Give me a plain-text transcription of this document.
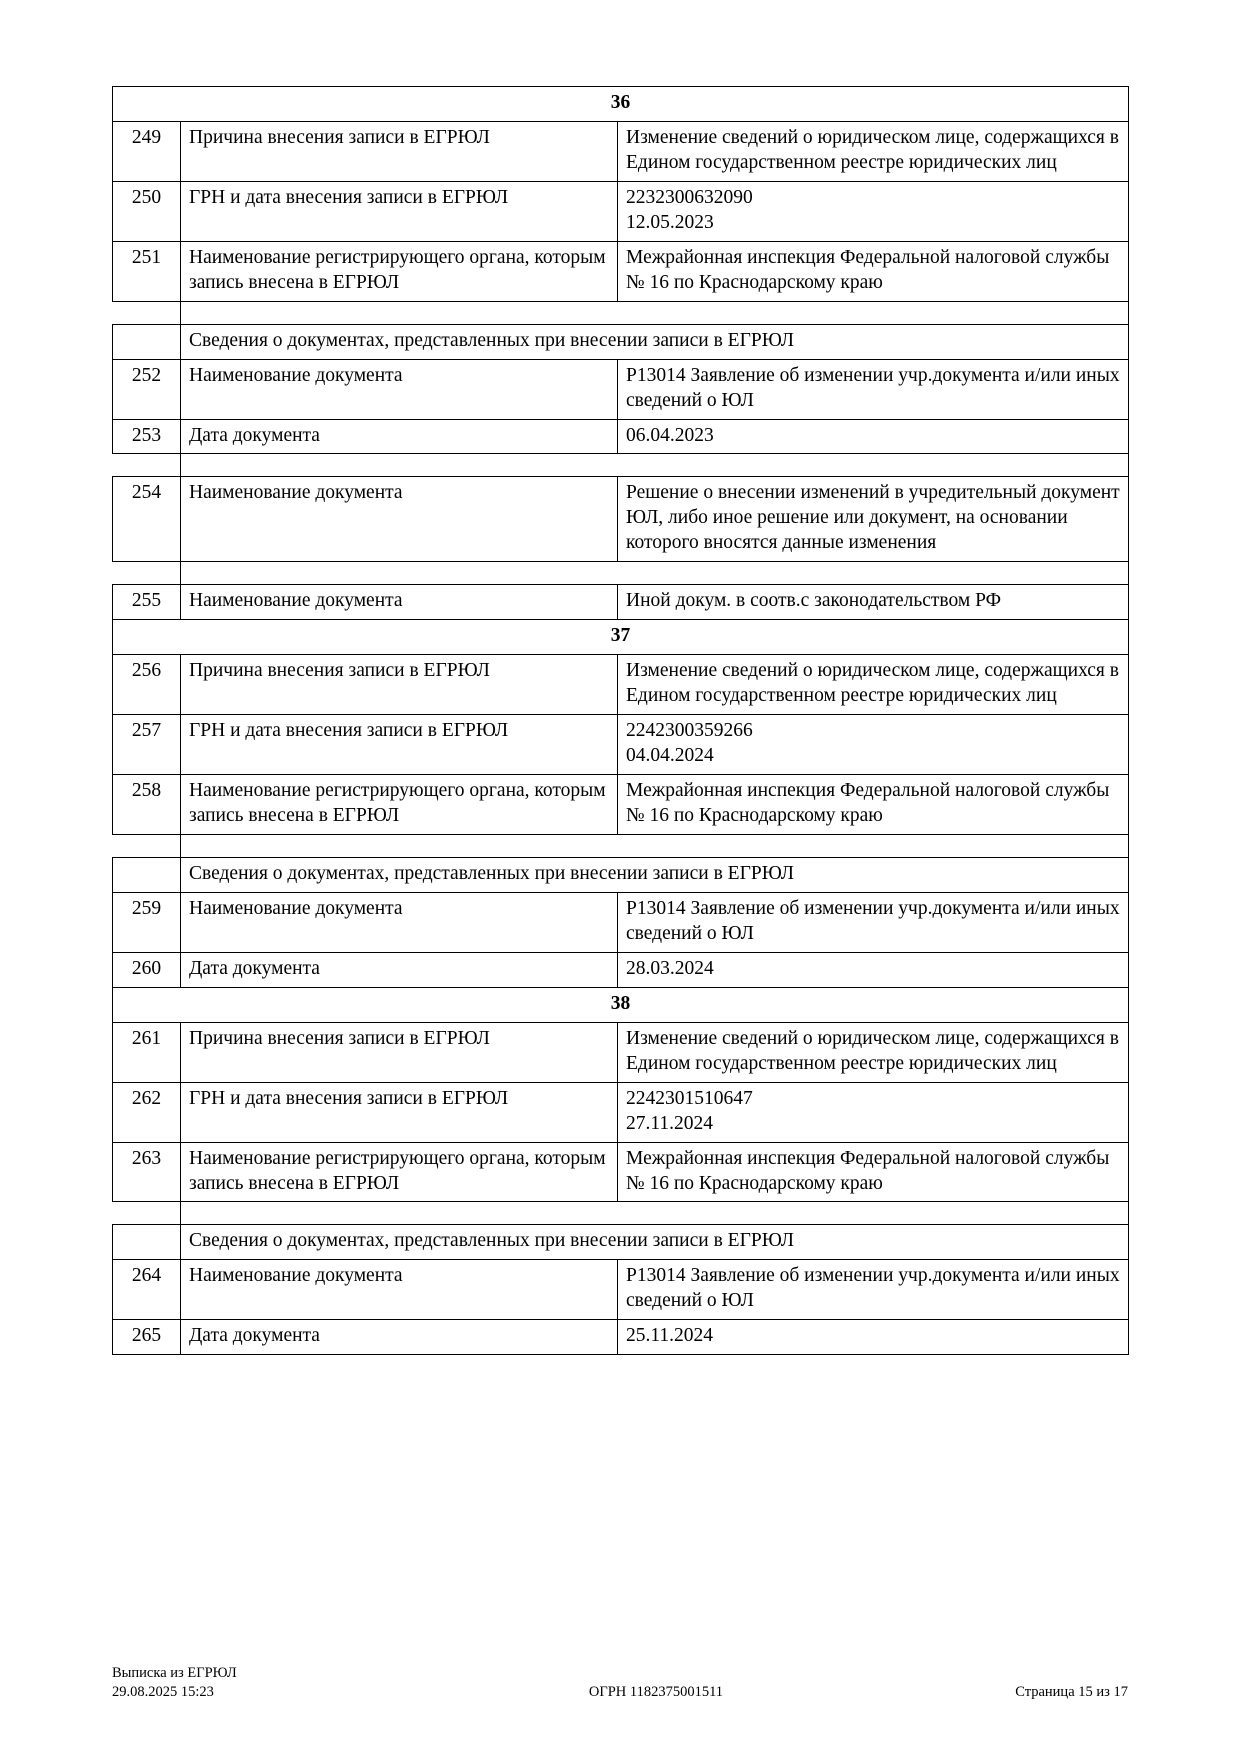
36		
249	Причина внесения записи в ЕГРЮЛ	Изменение сведений о юридическом лице, содержащихся в Едином государственном реестре юридических лиц

250	ГРН и дата внесения записи в ЕГРЮЛ	2232300632090
12.05.2023

251	Наименование регистрирующего органа, которым запись внесена в ЕГРЮЛ	Межрайонная инспекция Федеральной налоговой службы № 16 по Краснодарскому краю

	Сведения о документах, представленных при внесении записи в ЕГРЮЛ	
252	Наименование документа	Р13014 Заявление об изменении учр.документа и/или иных сведений о ЮЛ

253	Дата документа	06.04.2023

254	Наименование документа	Решение о внесении изменений в учредительный документ ЮЛ, либо иное решение или документ, на основании которого вносятся данные изменения

255	Наименование документа	Иной докум. в соотв.с законодательством РФ

37		
256	Причина внесения записи в ЕГРЮЛ	Изменение сведений о юридическом лице, содержащихся в Едином государственном реестре юридических лиц

257	ГРН и дата внесения записи в ЕГРЮЛ	2242300359266
04.04.2024

258	Наименование регистрирующего органа, которым запись внесена в ЕГРЮЛ	Межрайонная инспекция Федеральной налоговой службы № 16 по Краснодарскому краю

	Сведения о документах, представленных при внесении записи в ЕГРЮЛ	
259	Наименование документа	Р13014 Заявление об изменении учр.документа и/или иных сведений о ЮЛ

260	Дата документа	28.03.2024

38		
261	Причина внесения записи в ЕГРЮЛ	Изменение сведений о юридическом лице, содержащихся в Едином государственном реестре юридических лиц

262	ГРН и дата внесения записи в ЕГРЮЛ	2242301510647
27.11.2024

263	Наименование регистрирующего органа, которым запись внесена в ЕГРЮЛ	Межрайонная инспекция Федеральной налоговой службы № 16 по Краснодарскому краю

	Сведения о документах, представленных при внесении записи в ЕГРЮЛ	
264	Наименование документа	Р13014 Заявление об изменении учр.документа и/или иных сведений о ЮЛ

265	Дата документа	25.11.2024
Выписка из ЕГРЮЛ
29.08.2025 15:23	ОГРН 1182375001511	Страница 15 из 17
